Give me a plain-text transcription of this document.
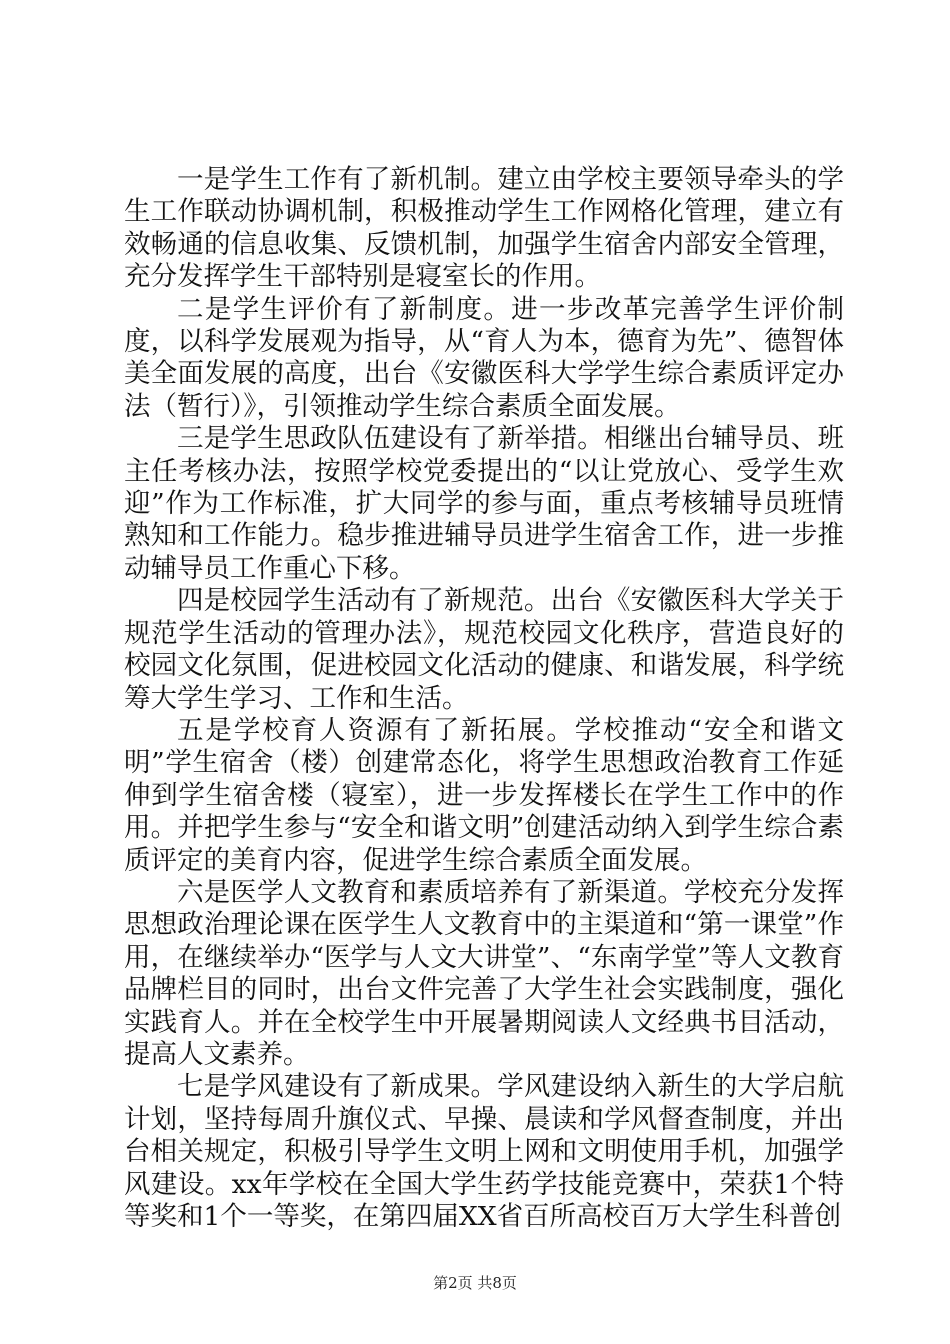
一是学生工作有了新机制。建立由学校主要领导牵头的学生工作联动协调机制，积极推动学生工作网格化管理，建立有效畅通的信息收集、反馈机制，加强学生宿舍内部安全管理，充分发挥学生干部特别是寝室长的作用。

二是学生评价有了新制度。进一步改革完善学生评价制度，以科学发展观为指导，从“育人为本，德育为先”、德智体美全面发展的高度，出台《安徽医科大学学生综合素质评定办法（暂行）》，引领推动学生综合素质全面发展。

三是学生思政队伍建设有了新举措。相继出台辅导员、班主任考核办法，按照学校党委提出的“以让党放心、受学生欢迎”作为工作标准，扩大同学的参与面，重点考核辅导员班情熟知和工作能力。稳步推进辅导员进学生宿舍工作，进一步推动辅导员工作重心下移。

四是校园学生活动有了新规范。出台《安徽医科大学关于规范学生活动的管理办法》，规范校园文化秩序，营造良好的校园文化氛围，促进校园文化活动的健康、和谐发展，科学统筹大学生学习、工作和生活。

五是学校育人资源有了新拓展。学校推动“安全和谐文明”学生宿舍（楼）创建常态化，将学生思想政治教育工作延伸到学生宿舍楼（寝室），进一步发挥楼长在学生工作中的作用。并把学生参与“安全和谐文明”创建活动纳入到学生综合素质评定的美育内容，促进学生综合素质全面发展。

六是医学人文教育和素质培养有了新渠道。学校充分发挥思想政治理论课在医学生人文教育中的主渠道和“第一课堂”作用，在继续举办“医学与人文大讲堂”、“东南学堂”等人文教育品牌栏目的同时，出台文件完善了大学生社会实践制度，强化实践育人。并在全校学生中开展暑期阅读人文经典书目活动，提高人文素养。

七是学风建设有了新成果。学风建设纳入新生的大学启航计划，坚持每周升旗仪式、早操、晨读和学风督查制度，并出台相关规定，积极引导学生文明上网和文明使用手机，加强学风建设。xx年学校在全国大学生药学技能竞赛中，荣获1个特等奖和1个一等奖，在第四届XX省百所高校百万大学生科普创

第2页 共8页
